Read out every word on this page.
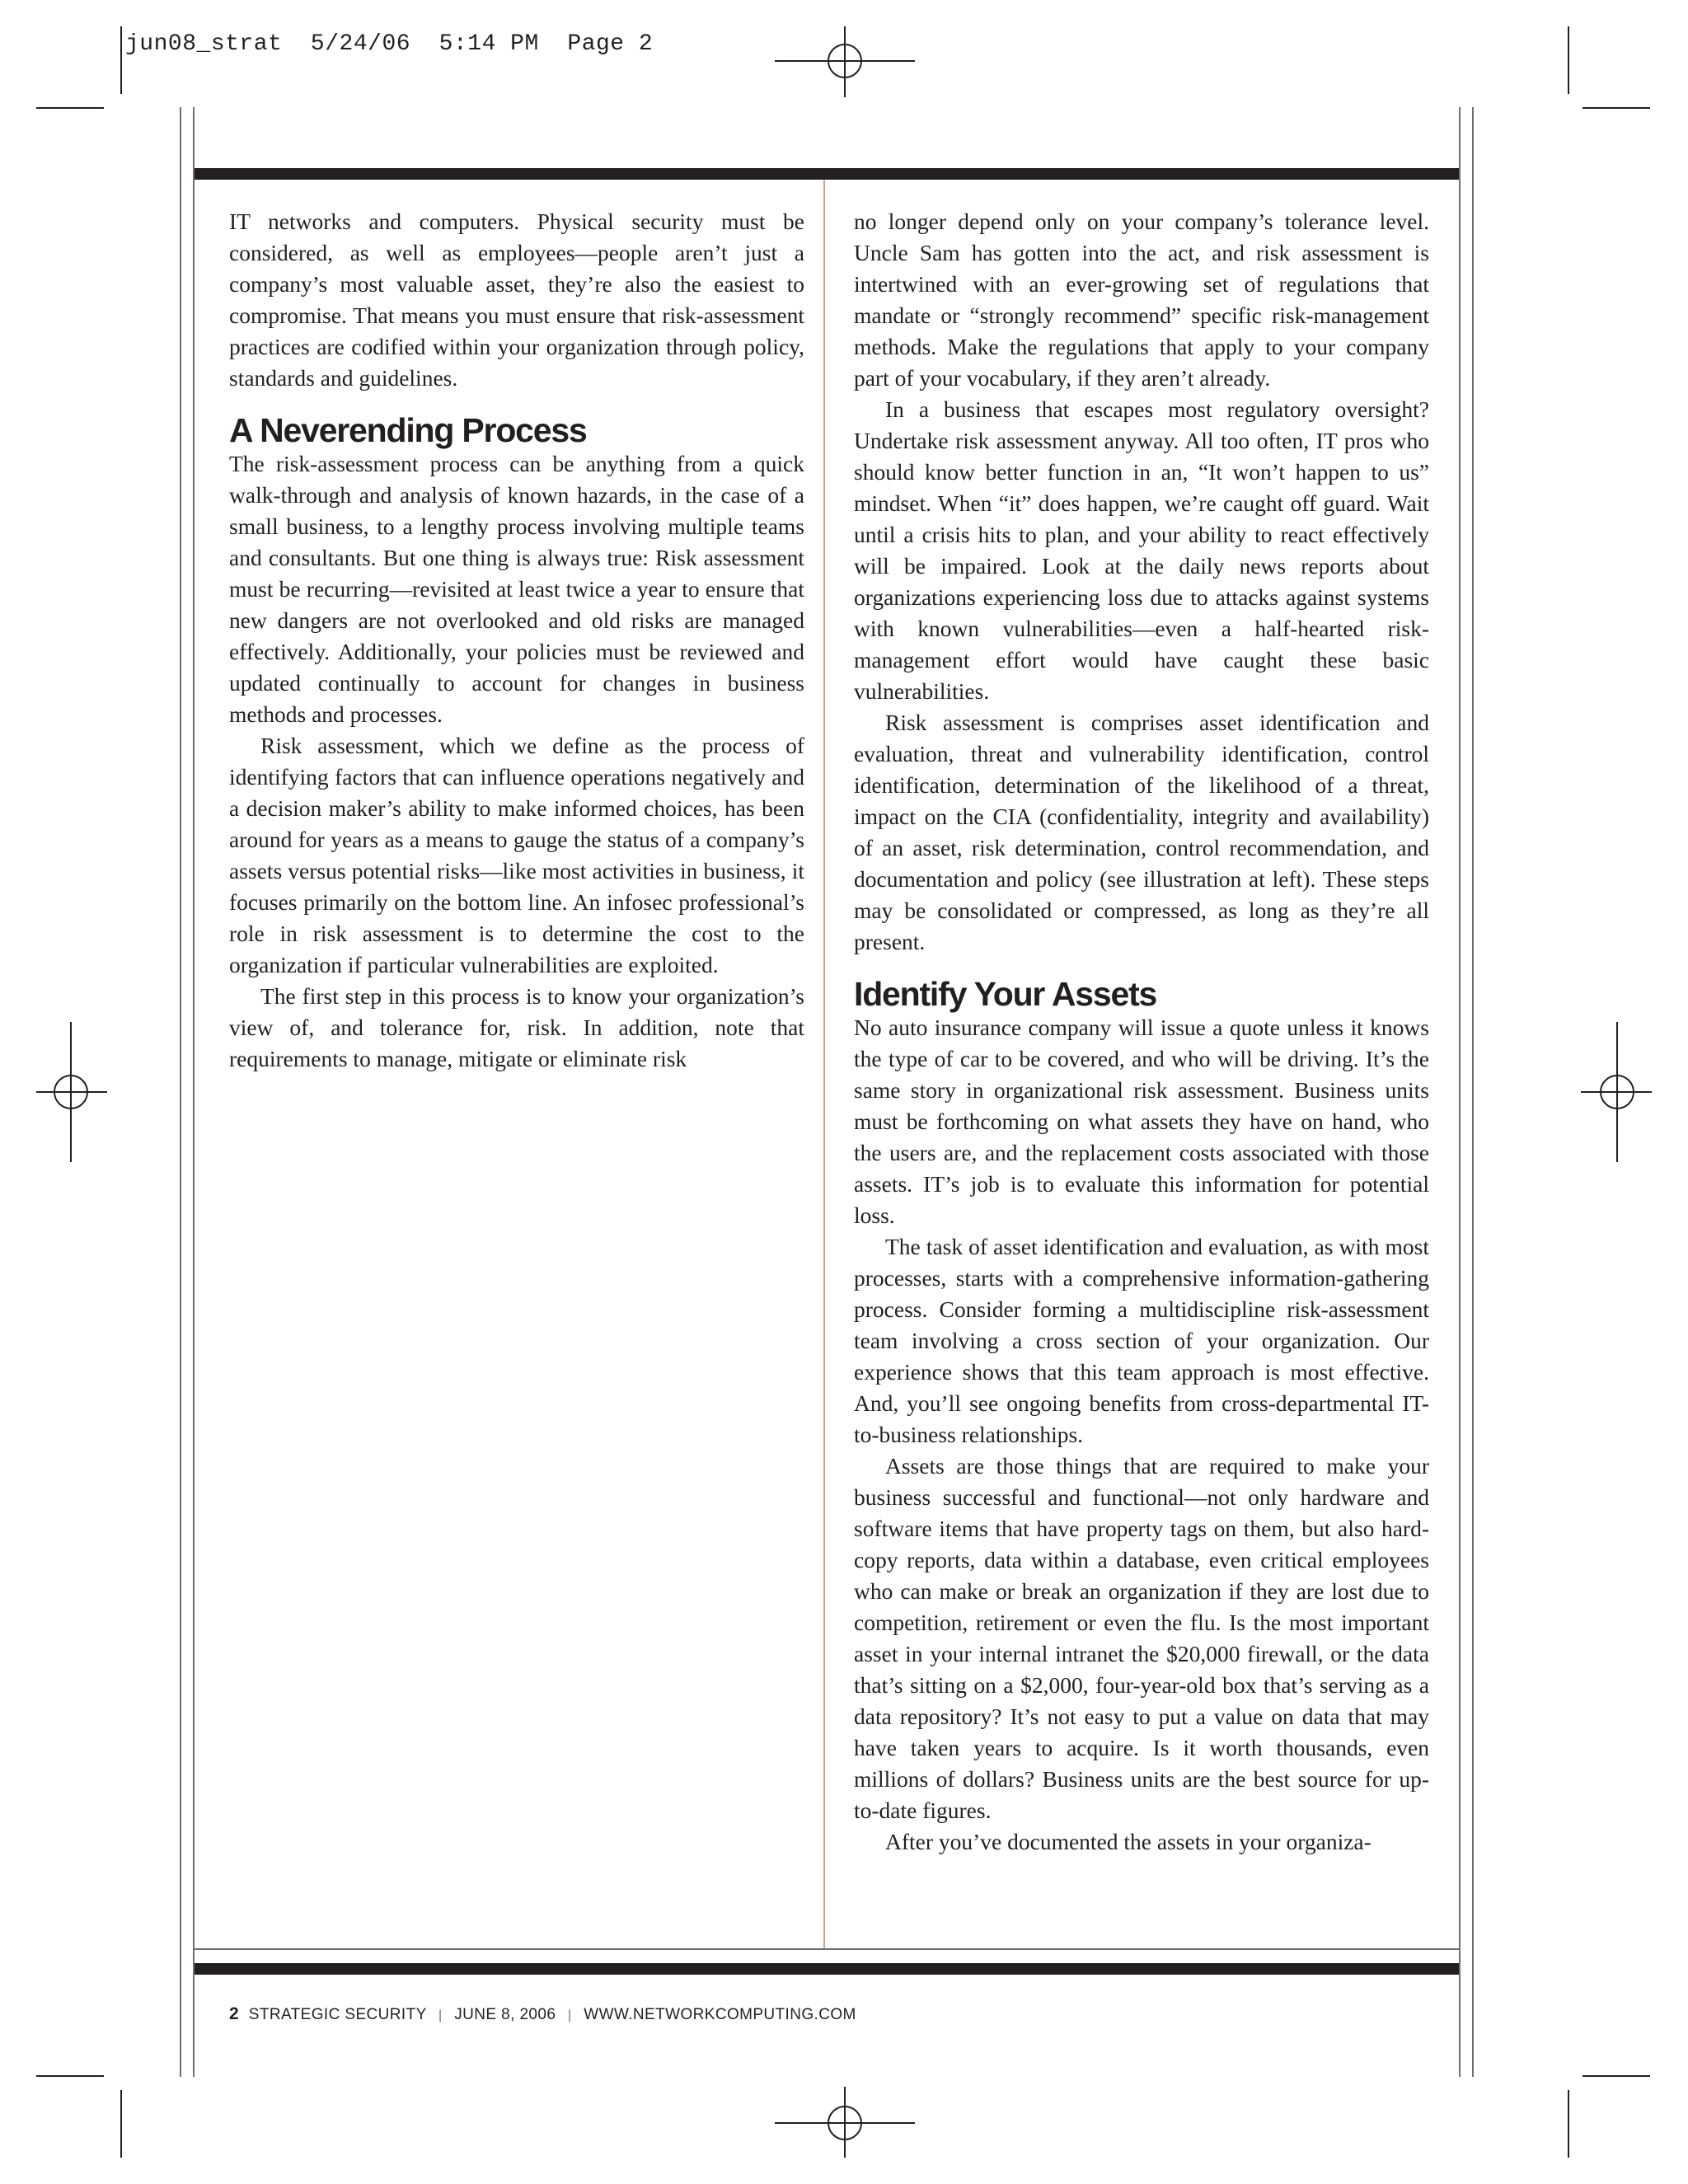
jun08_strat  5/24/06  5:14 PM  Page 2

IT networks and computers. Physical security must be considered, as well as employees—people aren’t just a company’s most valuable asset, they’re also the easiest to compromise. That means you must ensure that risk-assessment practices are codified within your organization through policy, standards and guidelines.

A Neverending Process

The risk-assessment process can be anything from a quick walk-through and analysis of known hazards, in the case of a small business, to a lengthy process involving multiple teams and consultants. But one thing is always true: Risk assessment must be recurring—revisited at least twice a year to ensure that new dangers are not overlooked and old risks are managed effectively. Additionally, your policies must be reviewed and updated continually to account for changes in business methods and processes.

Risk assessment, which we define as the process of identifying factors that can influence operations negatively and a decision maker’s ability to make informed choices, has been around for years as a means to gauge the status of a company’s assets versus potential risks—like most activities in business, it focuses primarily on the bottom line. An infosec professional’s role in risk assessment is to determine the cost to the organization if particular vulnerabilities are exploited.

The first step in this process is to know your organization’s view of, and tolerance for, risk. In addition, note that requirements to manage, mitigate or eliminate risk

no longer depend only on your company’s tolerance level. Uncle Sam has gotten into the act, and risk assessment is intertwined with an ever-growing set of regulations that mandate or “strongly recommend” specific risk-management methods. Make the regulations that apply to your company part of your vocabulary, if they aren’t already.

In a business that escapes most regulatory oversight? Undertake risk assessment anyway. All too often, IT pros who should know better function in an, “It won’t happen to us” mindset. When “it” does happen, we’re caught off guard. Wait until a crisis hits to plan, and your ability to react effectively will be impaired. Look at the daily news reports about organizations experiencing loss due to attacks against systems with known vulnerabilities—even a half-hearted risk-management effort would have caught these basic vulnerabilities.

Risk assessment is comprises asset identification and evaluation, threat and vulnerability identification, control identification, determination of the likelihood of a threat, impact on the CIA (confidentiality, integrity and availability) of an asset, risk determination, control recommendation, and documentation and policy (see illustration at left). These steps may be consolidated or compressed, as long as they’re all present.

Identify Your Assets

No auto insurance company will issue a quote unless it knows the type of car to be covered, and who will be driving. It’s the same story in organizational risk assessment. Business units must be forthcoming on what assets they have on hand, who the users are, and the replacement costs associated with those assets. IT’s job is to evaluate this information for potential loss.

The task of asset identification and evaluation, as with most processes, starts with a comprehensive information-gathering process. Consider forming a multidiscipline risk-assessment team involving a cross section of your organization. Our experience shows that this team approach is most effective. And, you’ll see ongoing benefits from cross-departmental IT-to-business relationships.

Assets are those things that are required to make your business successful and functional—not only hardware and software items that have property tags on them, but also hard-copy reports, data within a database, even critical employees who can make or break an organization if they are lost due to competition, retirement or even the flu. Is the most important asset in your internal intranet the $20,000 firewall, or the data that’s sitting on a $2,000, four-year-old box that’s serving as a data repository? It’s not easy to put a value on data that may have taken years to acquire. Is it worth thousands, even millions of dollars? Business units are the best source for up-to-date figures.

After you’ve documented the assets in your organiza-

2 STRATEGIC SECURITY | JUNE 8, 2006 | WWW.NETWORKCOMPUTING.COM
